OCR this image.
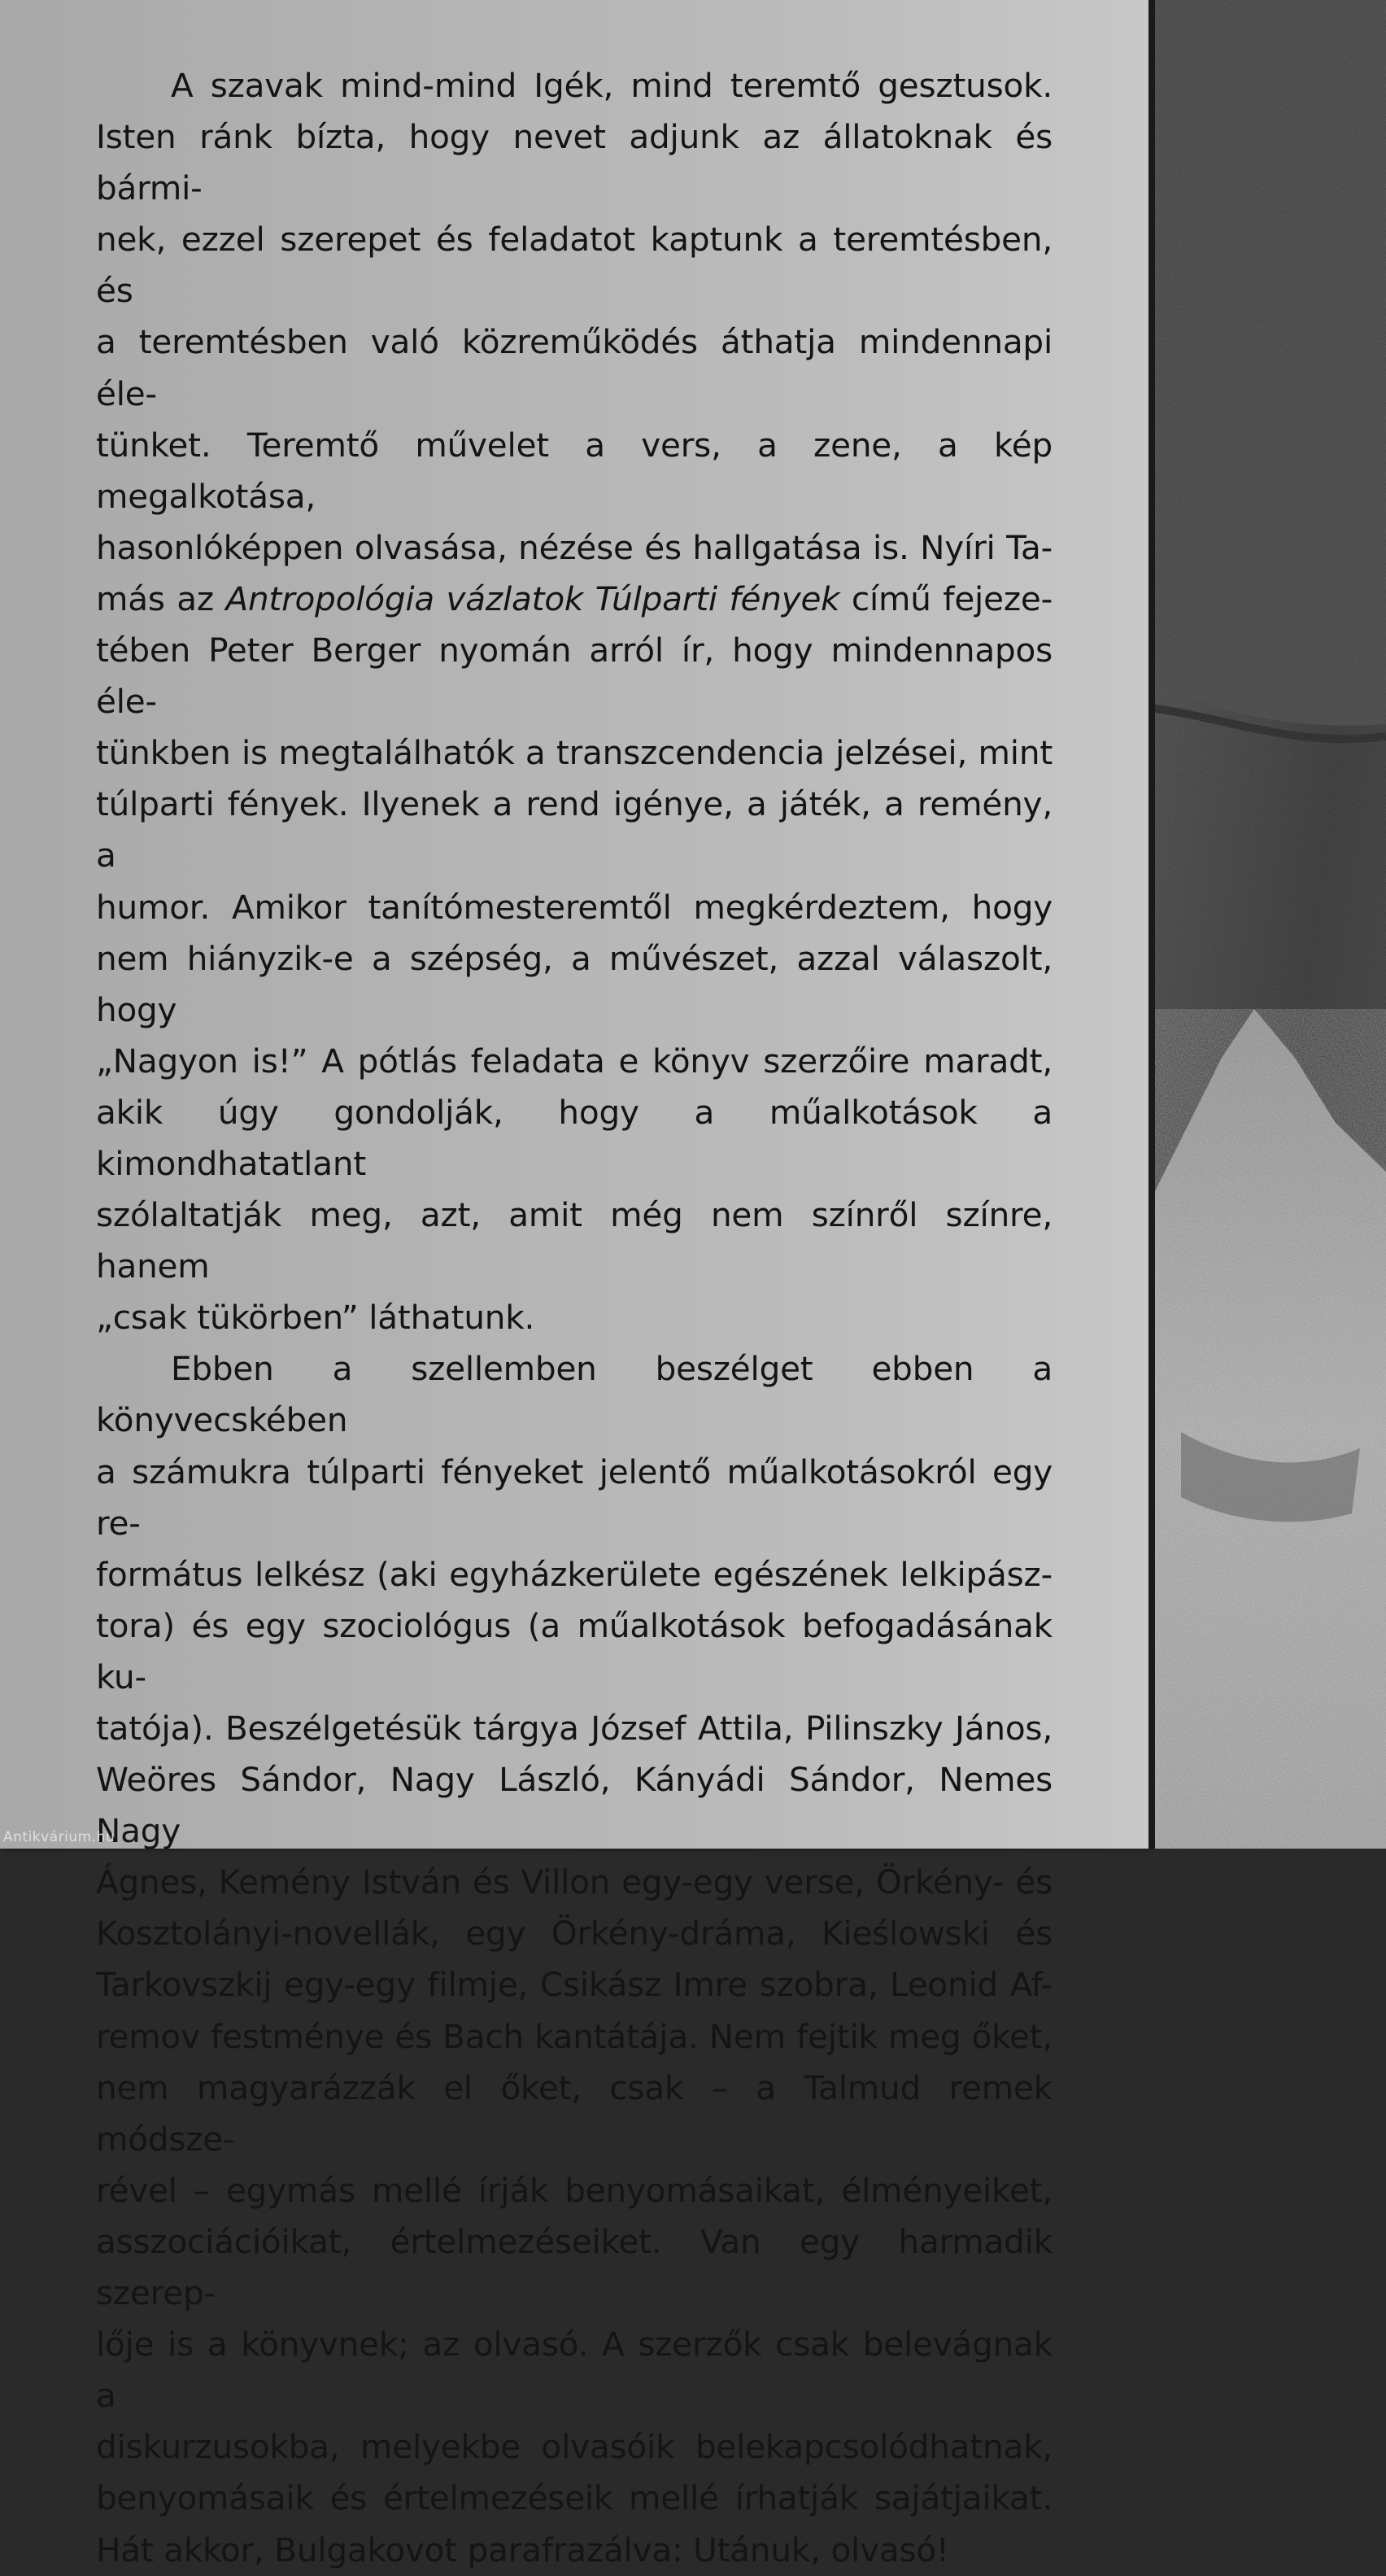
A szavak mind-mind Igék, mind teremtő gesztusok.
Isten ránk bízta, hogy nevet adjunk az állatoknak és bármi-
nek, ezzel szerepet és feladatot kaptunk a teremtésben, és
a teremtésben való közreműködés áthatja mindennapi éle-
tünket. Teremtő művelet a vers, a zene, a kép megalkotása,
hasonlóképpen olvasása, nézése és hallgatása is. Nyíri Ta-
más az Antropológia vázlatok Túlparti fények című fejeze-
tében Peter Berger nyomán arról ír, hogy mindennapos éle-
tünkben is megtalálhatók a transzcendencia jelzései, mint
túlparti fények. Ilyenek a rend igénye, a játék, a remény, a
humor. Amikor tanítómesteremtől megkérdeztem, hogy
nem hiányzik-e a szépség, a művészet, azzal válaszolt, hogy
„Nagyon is!” A pótlás feladata e könyv szerzőire maradt,
akik úgy gondolják, hogy a műalkotások a kimondhatatlant
szólaltatják meg, azt, amit még nem színről színre, hanem
„csak tükörben” láthatunk.
Ebben a szellemben beszélget ebben a könyvecskében
a számukra túlparti fényeket jelentő műalkotásokról egy re-
formátus lelkész (aki egyházkerülete egészének lelkipász-
tora) és egy szociológus (a műalkotások befogadásának ku-
tatója). Beszélgetésük tárgya József Attila, Pilinszky János,
Weöres Sándor, Nagy László, Kányádi Sándor, Nemes Nagy
Ágnes, Kemény István és Villon egy-egy verse, Örkény- és
Kosztolányi-novellák, egy Örkény-dráma, Kieślowski és
Tarkovszkij egy-egy filmje, Csikász Imre szobra, Leonid Af-
remov festménye és Bach kantátája. Nem fejtik meg őket,
nem magyarázzák el őket, csak – a Talmud remek módsze-
rével – egymás mellé írják benyomásaikat, élményeiket,
asszociációikat, értelmezéseiket. Van egy harmadik szerep-
lője is a könyvnek; az olvasó. A szerzők csak belevágnak a
diskurzusokba, melyekbe olvasóik belekapcsolódhatnak,
benyomásaik és értelmezéseik mellé írhatják sajátjaikat.
Hát akkor, Bulgakovot parafrazálva: Utánuk, olvasó!
Antikvárium.hu
